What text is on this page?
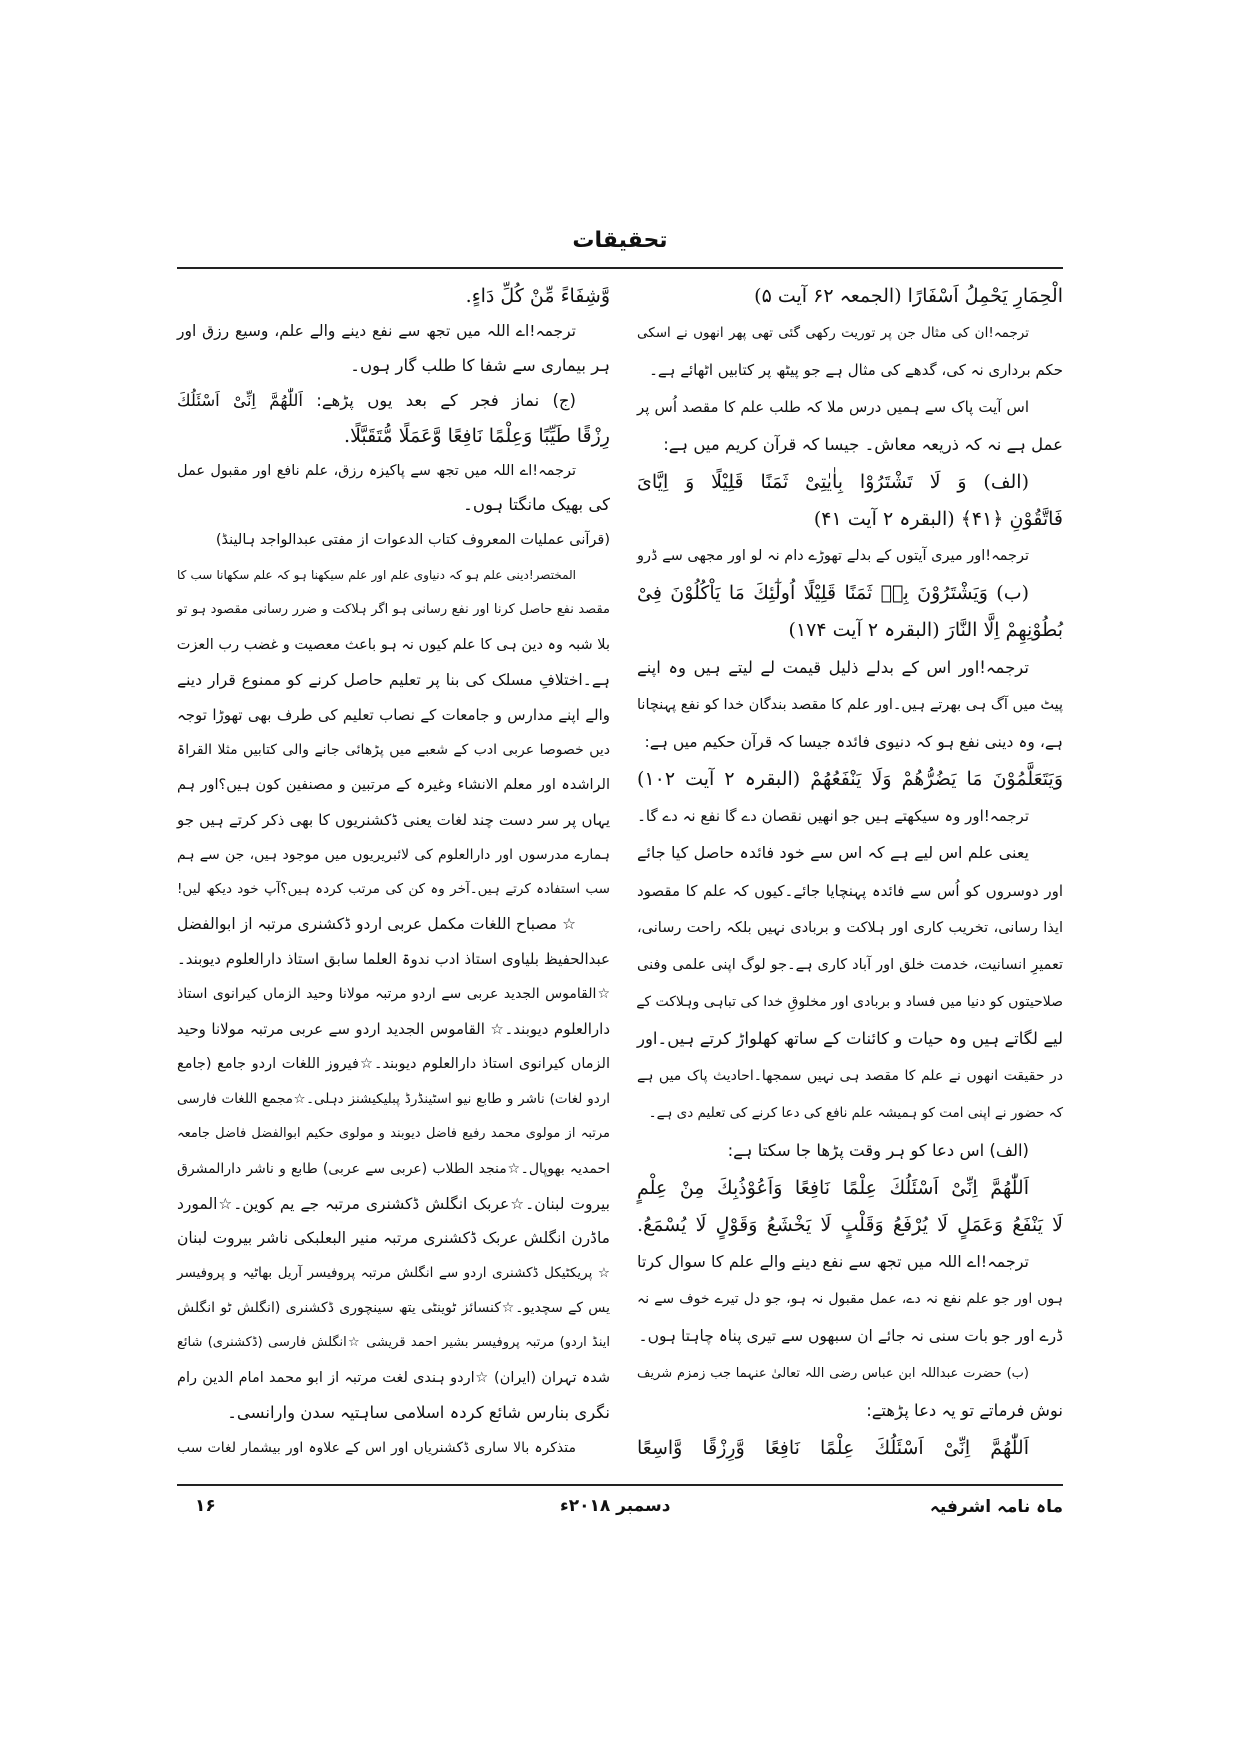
تحقیقات
الْحِمَارِ يَحْمِلُ اَسْفَارًا (الجمعہ ۶۲ آیت ۵)
ترجمہ!ان کی مثال جن پر توریت رکھی گئی تھی پھر انھوں نے اسکی
حکم برداری نہ کی، گدھے کی مثال ہے جو پیٹھ پر کتابیں اٹھائے ہے۔
اس آیت پاک سے ہمیں درس ملا کہ طلب علم کا مقصد اُس پر
عمل ہے نہ کہ ذریعہ معاش۔ جیسا کہ قرآن کریم میں ہے:
(الف) وَ لَا تَشْتَرُوْا بِاٰيٰتِیْ ثَمَنًا قَلِيْلًا وَ اِيَّایَ
فَاتَّقُوْنِ ﴿۴۱﴾ (البقرہ ۲ آیت ۴۱)
ترجمہ!اور میری آیتوں کے بدلے تھوڑے دام نہ لو اور مجھی سے ڈرو
(ب) وَيَشْتَرُوْنَ بِهٖ ثَمَنًا قَلِيْلًا اُولٰٓئِكَ مَا يَاْكُلُوْنَ فِیْ
بُطُوْنِهِمْ اِلَّا النَّارَ (البقرہ ۲ آیت ۱۷۴)
ترجمہ!اور اس کے بدلے ذلیل قیمت لے لیتے ہیں وہ اپنے
پیٹ میں آگ ہی بھرتے ہیں۔اور علم کا مقصد بندگان خدا کو نفع پہنچانا
ہے، وہ دینی نفع ہو کہ دنیوی فائدہ جیسا کہ قرآن حکیم میں ہے:
وَيَتَعَلَّمُوْنَ مَا يَضُرُّهُمْ وَلَا يَنْفَعُهُمْ (البقرہ ۲ آیت ۱۰۲)
ترجمہ!اور وہ سیکھتے ہیں جو انھیں نقصان دے گا نفع نہ دے گا۔
یعنی علم اس لیے ہے کہ اس سے خود فائدہ حاصل کیا جائے
اور دوسروں کو اُس سے فائدہ پہنچایا جائے۔کیوں کہ علم کا مقصود
ایذا رسانی، تخریب کاری اور ہلاکت و بربادی نہیں بلکہ راحت رسانی،
تعمیرِ انسانیت، خدمت خلق اور آباد کاری ہے۔جو لوگ اپنی علمی وفنی
صلاحیتوں کو دنیا میں فساد و بربادی اور مخلوقِ خدا کی تباہی وہلاکت کے
لیے لگاتے ہیں وہ حیات و کائنات کے ساتھ کھلواڑ کرتے ہیں۔اور
در حقیقت انھوں نے علم کا مقصد ہی نہیں سمجھا۔احادیث پاک میں ہے
کہ حضور نے اپنی امت کو ہمیشہ علم نافع کی دعا کرنے کی تعلیم دی ہے۔
(الف) اس دعا کو ہر وقت پڑھا جا سکتا ہے:
اَللّٰهُمَّ اِنِّیْ اَسْئَلُكَ عِلْمًا نَافِعًا وَاَعُوْذُبِكَ مِنْ عِلْمٍ
لَا يَنْفَعُ وَعَمَلٍ لَا يُرْفَعُ وَقَلْبٍ لَا يَخْشَعُ وَقَوْلٍ لَا يُسْمَعُ.
ترجمہ!اے اللہ میں تجھ سے نفع دینے والے علم کا سوال کرتا
ہوں اور جو علم نفع نہ دے، عمل مقبول نہ ہو، جو دل تیرے خوف سے نہ
ڈرے اور جو بات سنی نہ جائے ان سبھوں سے تیری پناہ چاہتا ہوں۔
(ب) حضرت عبداللہ ابن عباس رضی اللہ تعالیٰ عنہما جب زمزم شریف
نوش فرماتے تو یہ دعا پڑھتے:
اَللّٰهُمَّ اِنِّیْ اَسْئَلُكَ عِلْمًا نَافِعًا وَّرِزْقًا وَّاسِعًا
وَّشِفَاءً مِّنْ كُلِّ دَاءٍ.
ترجمہ!اے اللہ میں تجھ سے نفع دینے والے علم، وسیع رزق اور
ہر بیماری سے شفا کا طلب گار ہوں۔
(ج) نماز فجر کے بعد یوں پڑھے: اَللّٰهُمَّ اِنِّیْ اَسْئَلُكَ
رِزْقًا طَيِّبًا وَعِلْمًا نَافِعًا وَّعَمَلًا مُّتَقَبَّلًا.
ترجمہ!اے اللہ میں تجھ سے پاکیزہ رزق، علم نافع اور مقبول عمل
کی بھیک مانگتا ہوں۔
(قرآنی عملیات المعروف کتاب الدعوات از مفتی عبدالواجد ہالینڈ)
المختصر!دینی علم ہو کہ دنیاوی علم اور علم سیکھنا ہو کہ علم سکھانا سب کا
مقصد نفع حاصل کرنا اور نفع رسانی ہو اگر ہلاکت و ضرر رسانی مقصود ہو تو
بلا شبہ وہ دین ہی کا علم کیوں نہ ہو باعث معصیت و غضب رب العزت
ہے۔اختلافِ مسلک کی بنا پر تعلیم حاصل کرنے کو ممنوع قرار دینے
والے اپنے مدارس و جامعات کے نصاب تعلیم کی طرف بھی تھوڑا توجہ
دیں خصوصا عربی ادب کے شعبے میں پڑھائی جانے والی کتابیں مثلا القراۃ
الراشدہ اور معلم الانشاء وغیرہ کے مرتبین و مصنفین کون ہیں؟اور ہم
یہاں پر سر دست چند لغات یعنی ڈکشنریوں کا بھی ذکر کرتے ہیں جو
ہمارے مدرسوں اور دارالعلوم کی لائبریریوں میں موجود ہیں، جن سے ہم
سب استفادہ کرتے ہیں۔آخر وہ کن کی مرتب کردہ ہیں؟آپ خود دیکھ لیں!
☆ مصباح اللغات مکمل عربی اردو ڈکشنری مرتبہ از ابوالفضل
عبدالحفیظ بلیاوی استاذ ادب ندوۃ العلما سابق استاذ دارالعلوم دیوبند۔
☆القاموس الجدید عربی سے اردو مرتبہ مولانا وحید الزماں کیرانوی استاذ
دارالعلوم دیوبند۔☆ القاموس الجدید اردو سے عربی مرتبہ مولانا وحید
الزماں کیرانوی استاذ دارالعلوم دیوبند۔☆فیروز اللغات اردو جامع (جامع
اردو لغات) ناشر و طابع نیو اسٹینڈرڈ پبلیکیشنز دہلی۔☆مجمع اللغات فارسی
مرتبہ از مولوی محمد رفیع فاضل دیوبند و مولوی حکیم ابوالفضل فاضل جامعہ
احمدیہ بھوپال۔☆منجد الطلاب (عربی سے عربی) طابع و ناشر دارالمشرق
بیروت لبنان۔☆عربک انگلش ڈکشنری مرتبہ جے یم کوین۔☆المورد
ماڈرن انگلش عربک ڈکشنری مرتبہ منیر البعلبکی ناشر بیروت لبنان
☆ پریکٹیکل ڈکشنری اردو سے انگلش مرتبہ پروفیسر آریل بھاٹیہ و پروفیسر
یس کے سچدیو۔☆کنسائز ٹوینٹی یتھ سینچوری ڈکشنری (انگلش ٹو انگلش
اینڈ اردو) مرتبہ پروفیسر بشیر احمد قریشی ☆انگلش فارسی (ڈکشنری) شائع
شدہ تہران (ایران) ☆اردو ہندی لغت مرتبہ از ابو محمد امام الدین رام
نگری بنارس شائع کردہ اسلامی ساہتیہ سدن وارانسی۔
متذکرہ بالا ساری ڈکشنریاں اور اس کے علاوہ اور بیشمار لغات سب
ماہ نامہ اشرفیہ
دسمبر ۲۰۱۸ء
۱۶
